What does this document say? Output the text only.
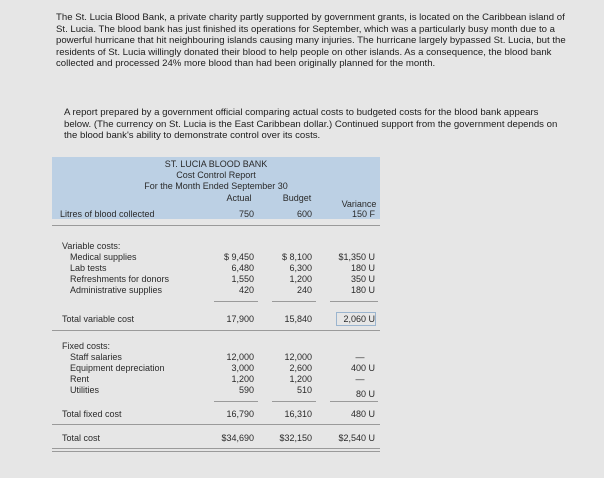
The St. Lucia Blood Bank, a private charity partly supported by government grants, is located on the Caribbean island of St. Lucia. The blood bank has just finished its operations for September, which was a particularly busy month due to a powerful hurricane that hit neighbouring islands causing many injuries. The hurricane largely bypassed St. Lucia, but the residents of St. Lucia willingly donated their blood to help people on other islands. As a consequence, the blood bank collected and processed 24% more blood than had been originally planned for the month.
A report prepared by a government official comparing actual costs to budgeted costs for the blood bank appears below. (The currency on St. Lucia is the East Caribbean dollar.) Continued support from the government depends on the blood bank's ability to demonstrate control over its costs.
ST. LUCIA BLOOD BANK
Cost Control Report
For the Month Ended September 30
Actual	Budget
Variance
Litres of blood collected	750	600	150 F
Variable costs:
Medical supplies	$ 9,450	$ 8,100	$1,350 U
Lab tests	6,480	6,300	180 U
Refreshments for donors	1,550	1,200	350 U
Administrative supplies	420	240	180 U
Total variable cost	17,900	15,840	2,060 U
Fixed costs:
Staff salaries	12,000	12,000	—
Equipment depreciation	3,000	2,600	400 U
Rent	1,200	1,200	—
Utilities	590	510	80 U
Total fixed cost	16,790	16,310	480 U
Total cost	$34,690	$32,150	$2,540 U
